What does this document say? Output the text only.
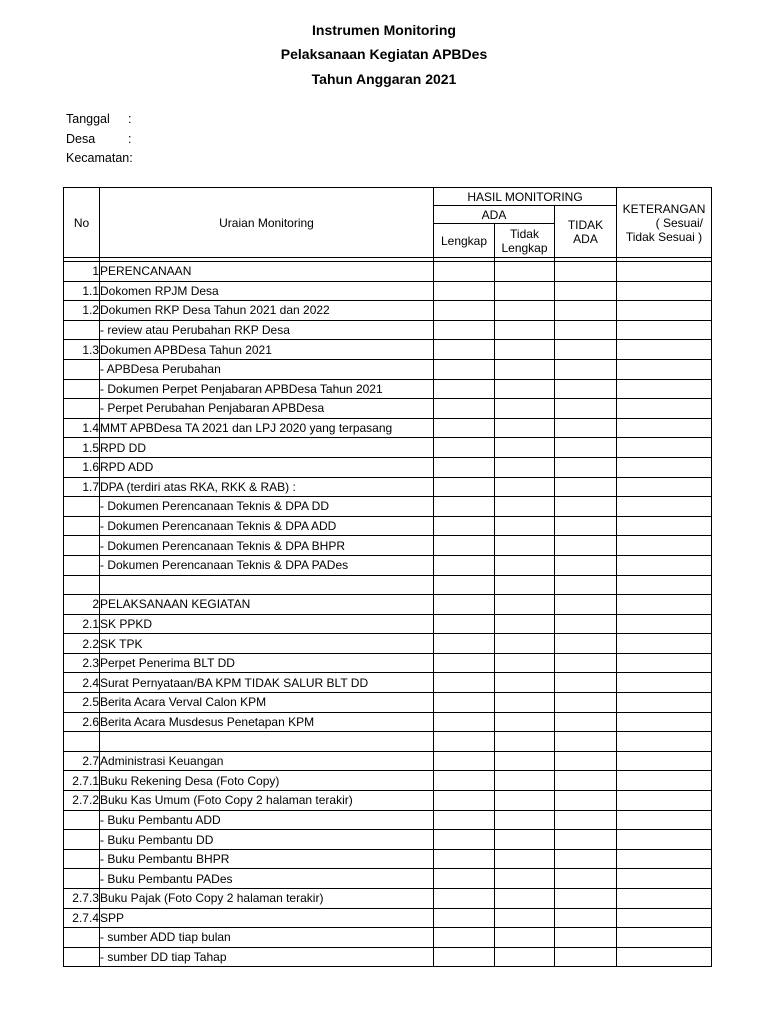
Instrumen Monitoring
Pelaksanaan Kegiatan APBDes
Tahun Anggaran 2021
Tanggal :
Desa	:
Kecamatan:
No	Uraian Monitoring	HASIL MONITORING			KETERANGAN
( Sesuai/
Tidak Sesuai )

		ADA		TIDAK
ADA	

		Lengkap	Tidak
Lengkap		

1	PERENCANAAN				
1.1	Dokomen RPJM Desa				
1.2	Dokumen RKP Desa Tahun 2021 dan 2022				
	- review atau Perubahan RKP Desa				
1.3	Dokumen APBDesa Tahun 2021				
	- APBDesa Perubahan				
	- Dokumen Perpet Penjabaran APBDesa Tahun 2021				
	- Perpet Perubahan Penjabaran APBDesa				
1.4	MMT APBDesa TA 2021 dan LPJ 2020 yang terpasang				
1.5	RPD DD				
1.6	RPD ADD				
1.7	DPA (terdiri atas RKA, RKK & RAB) :				
	- Dokumen Perencanaan Teknis & DPA DD				
	- Dokumen Perencanaan Teknis & DPA ADD				
	- Dokumen Perencanaan Teknis & DPA BHPR				
	- Dokumen Perencanaan Teknis & DPA PADes				

2	PELAKSANAAN KEGIATAN				
2.1	SK PPKD				
2.2	SK TPK				
2.3	Perpet Penerima BLT DD				
2.4	Surat Pernyataan/BA KPM TIDAK SALUR BLT DD				
2.5	Berita Acara Verval Calon KPM				
2.6	Berita Acara Musdesus Penetapan KPM				

2.7	Administrasi Keuangan				
2.7.1	Buku Rekening Desa (Foto Copy)				
2.7.2	Buku Kas Umum (Foto Copy 2 halaman terakir)				
	- Buku Pembantu ADD				
	- Buku Pembantu DD				
	- Buku Pembantu BHPR				
	- Buku Pembantu PADes				
2.7.3	Buku Pajak (Foto Copy 2 halaman terakir)				
2.7.4	SPP				
	- sumber ADD tiap bulan				
	- sumber DD tiap Tahap				
